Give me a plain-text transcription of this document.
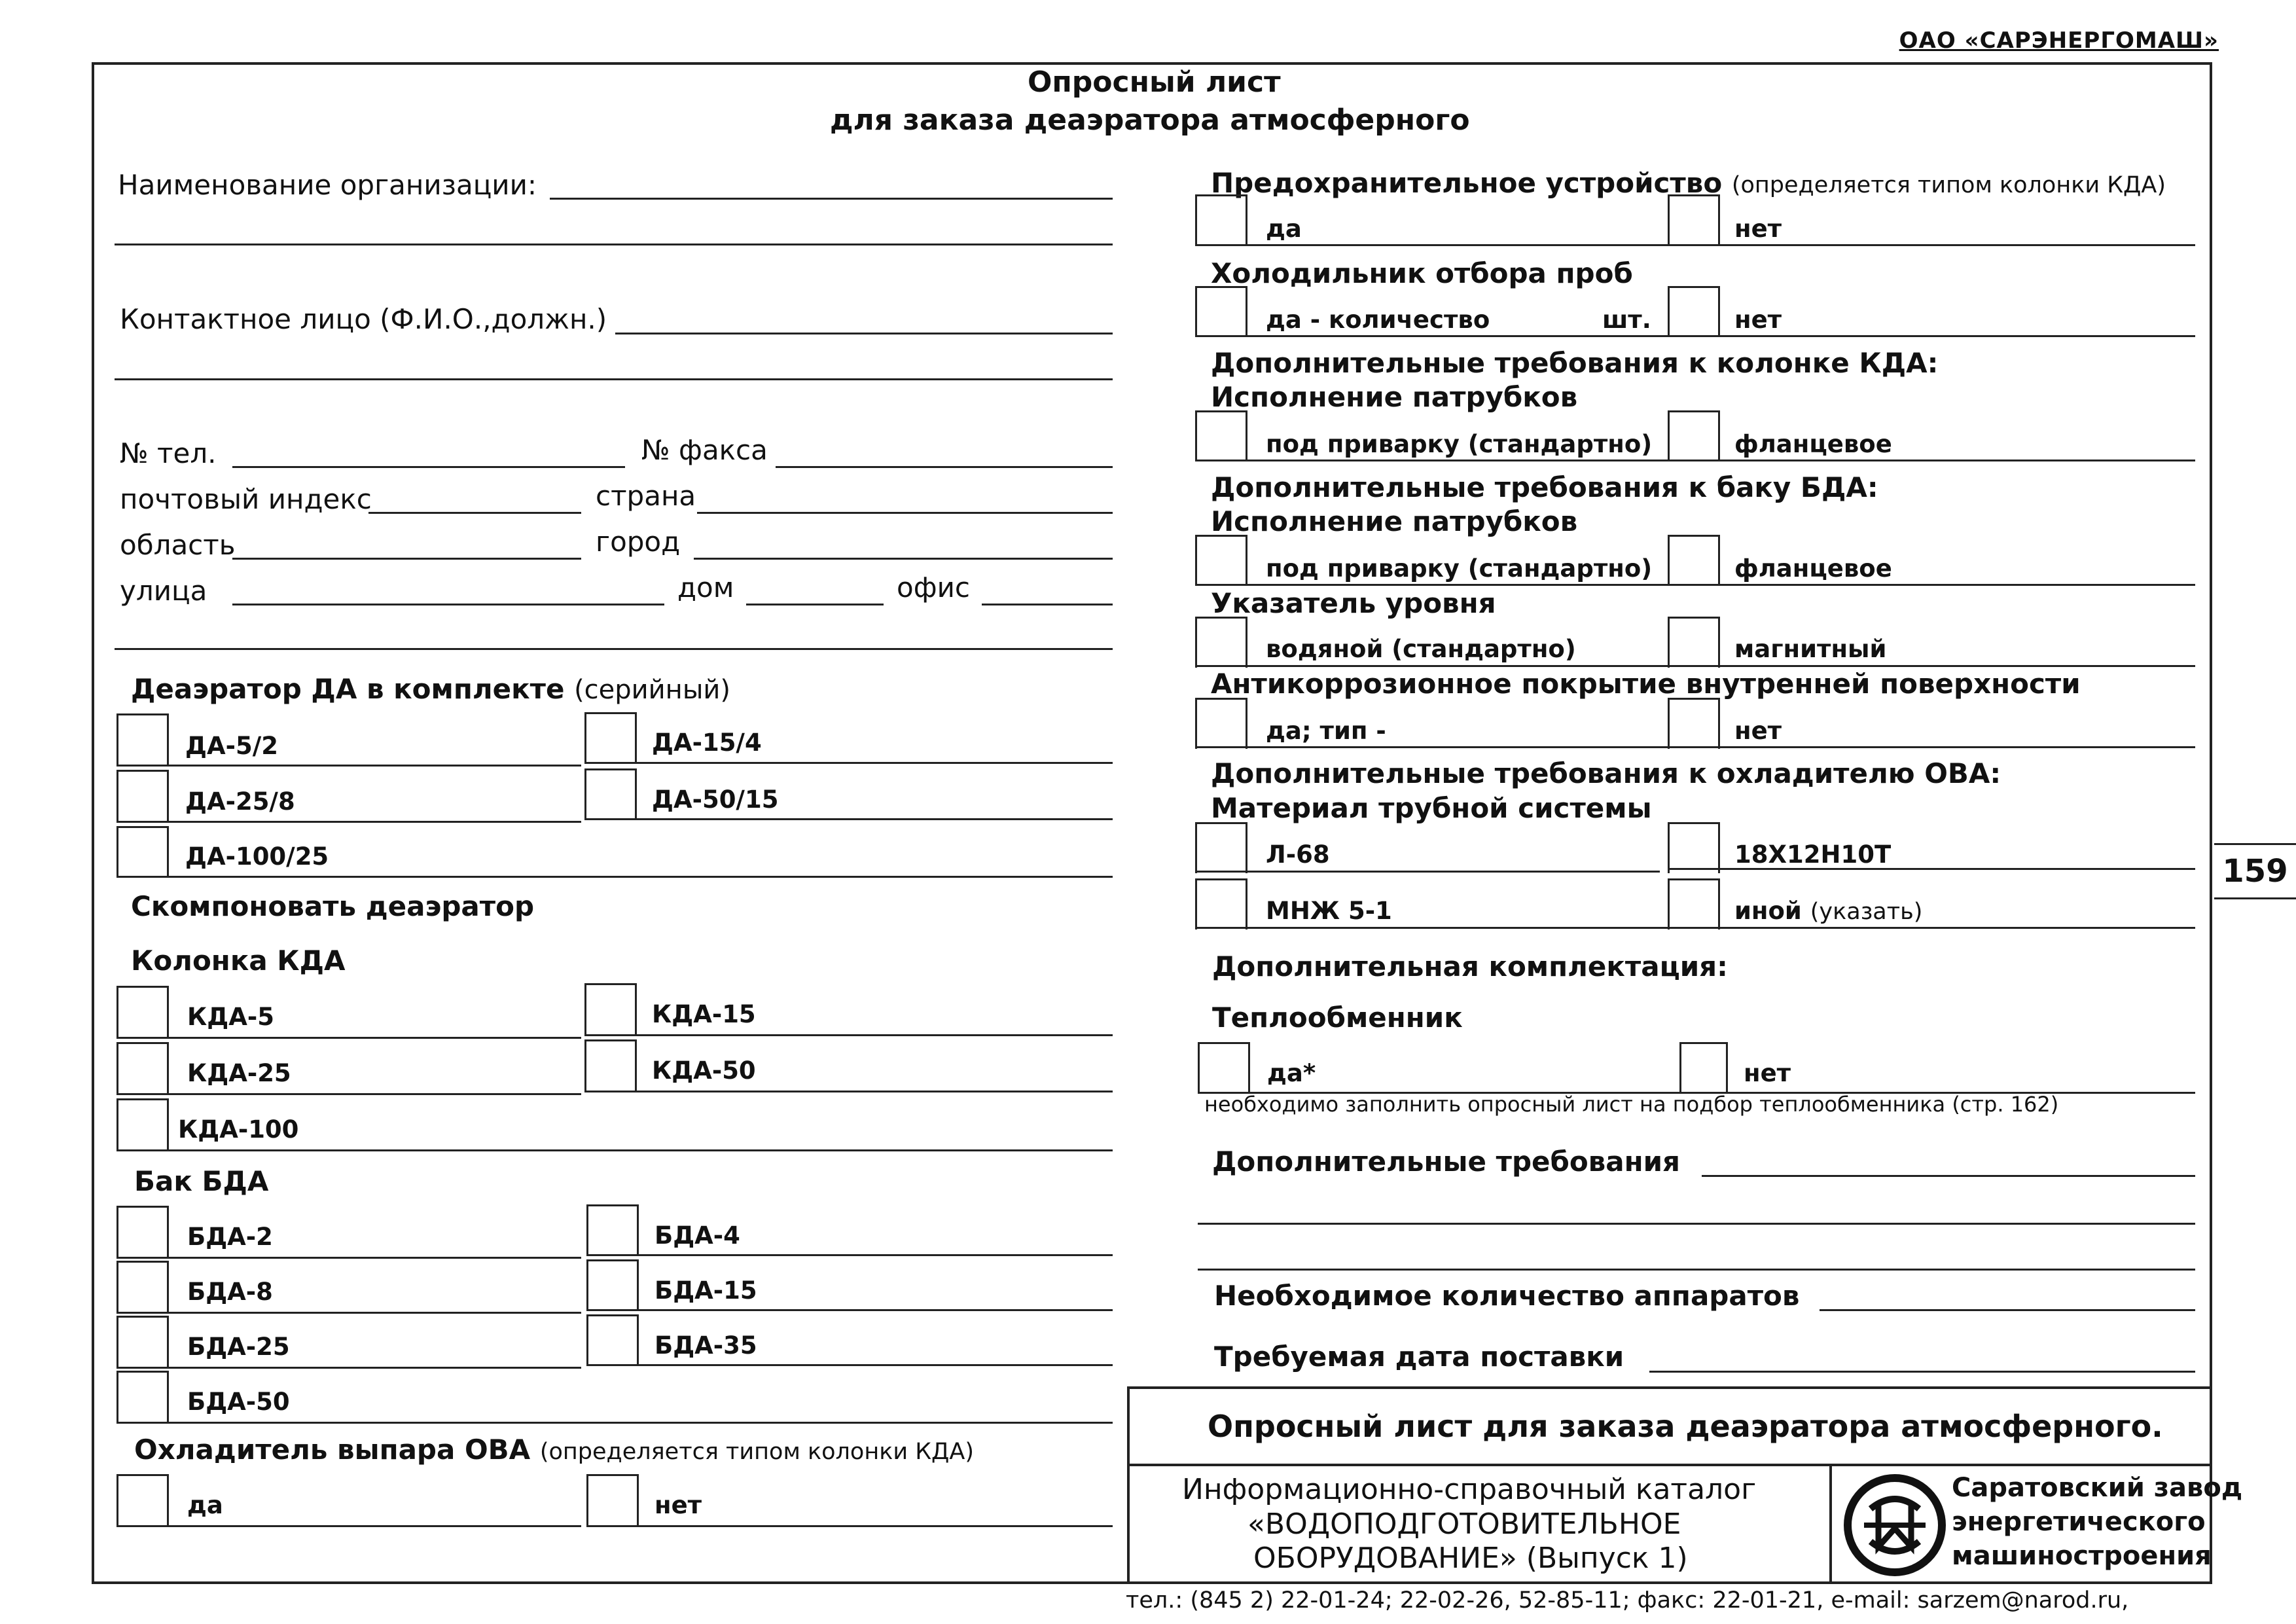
ОАО «САРЭНЕРГОМАШ»
Опросный лист
для заказа деаэратора атмосферного
Наименование организации:
Контактное лицо (Ф.И.О.,должн.)
№ тел.	№ факса
почтовый индекс	страна
область	город
улица	дом	офис
Деаэратор ДА в комплекте (серийный)
ДА-5/2	ДА-15/4
ДА-25/8	ДА-50/15
ДА-100/25
Скомпоновать деаэратор
Колонка КДА
КДА-5	КДА-15
КДА-25	КДА-50
КДА-100
Бак БДА
БДА-2	БДА-4
БДА-8	БДА-15
БДА-25	БДА-35
БДА-50
Охладитель выпара ОВА (определяется типом колонки КДА)
да	нет
Предохранительное устройство (определяется типом колонки КДА)
да	нет
Холодильник отбора проб
да - количество	шт.	нет
Дополнительные требования к колонке КДА:
Исполнение патрубков
под приварку (стандартно)	фланцевое
Дополнительные требования к баку БДА:
Исполнение патрубков
под приварку (стандартно)	фланцевое
Указатель уровня
водяной (стандартно)	магнитный
Антикоррозионное покрытие внутренней поверхности
да; тип -	нет
Дополнительные требования к охладителю ОВА:
Материал трубной системы
Л-68	18Х12Н10Т
МНЖ 5-1	иной (указать)
Дополнительная комплектация:
Теплообменник
да*	нет
необходимо заполнить опросный лист на подбор теплообменника (стр. 162)
Дополнительные требования
Необходимое количество аппаратов
Требуемая дата поставки
Опросный лист для заказа деаэратора атмосферного.
Информационно-справочный каталог
«ВОДОПОДГОТОВИТЕЛЬНОЕ
ОБОРУДОВАНИЕ» (Выпуск 1)
Саратовский завод
энергетического
машиностроения
159
тел.: (845 2) 22-01-24; 22-02-26, 52-85-11; факс: 22-01-21, e-mail: sarzem@narod.ru,
